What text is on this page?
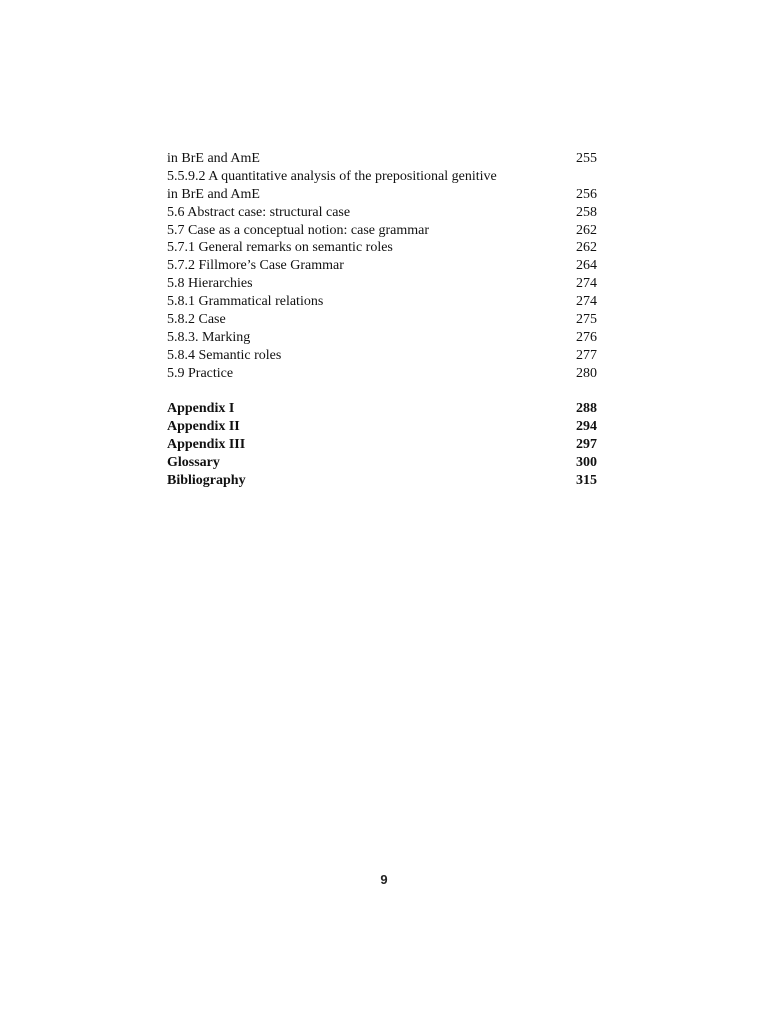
in BrE and AmE	255
5.5.9.2 A quantitative analysis of the prepositional genitive
in BrE and AmE	256
5.6 Abstract case: structural case	258
5.7 Case as a conceptual notion: case grammar	262
5.7.1 General remarks on semantic roles	262
5.7.2 Fillmore’s Case Grammar	264
5.8 Hierarchies	274
5.8.1 Grammatical relations	274
5.8.2 Case	275
5.8.3. Marking	276
5.8.4 Semantic roles	277
5.9 Practice	280
Appendix I	288
Appendix II	294
Appendix III	297
Glossary	300
Bibliography	315
9
